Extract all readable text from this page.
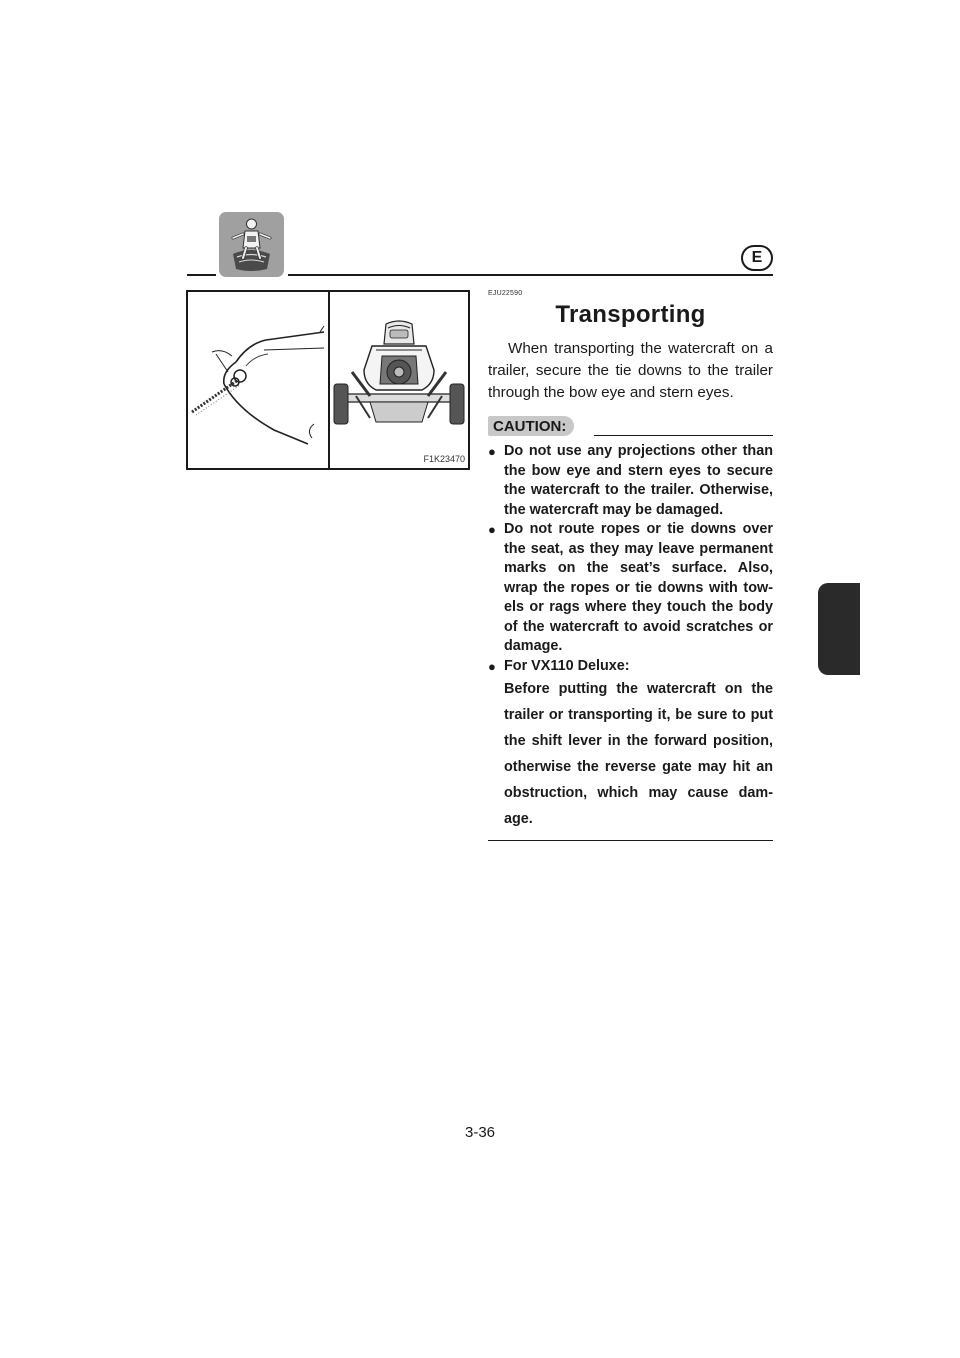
E
F1K23470
EJU22590
Transporting

When transporting the watercraft on a trailer, secure the tie downs to the trailer through the bow eye and stern eyes.

CAUTION:
● Do not use any projections other than the bow eye and stern eyes to secure the watercraft to the trailer. Otherwise, the watercraft may be damaged.
● Do not route ropes or tie downs over the seat, as they may leave permanent marks on the seat’s surface. Also, wrap the ropes or tie downs with tow-els or rags where they touch the body of the watercraft to avoid scratches or damage.
● For VX110 Deluxe:
Before putting the watercraft on the trailer or transporting it, be sure to put the shift lever in the forward position, otherwise the reverse gate may hit an obstruction, which may cause dam-age.
3-36
